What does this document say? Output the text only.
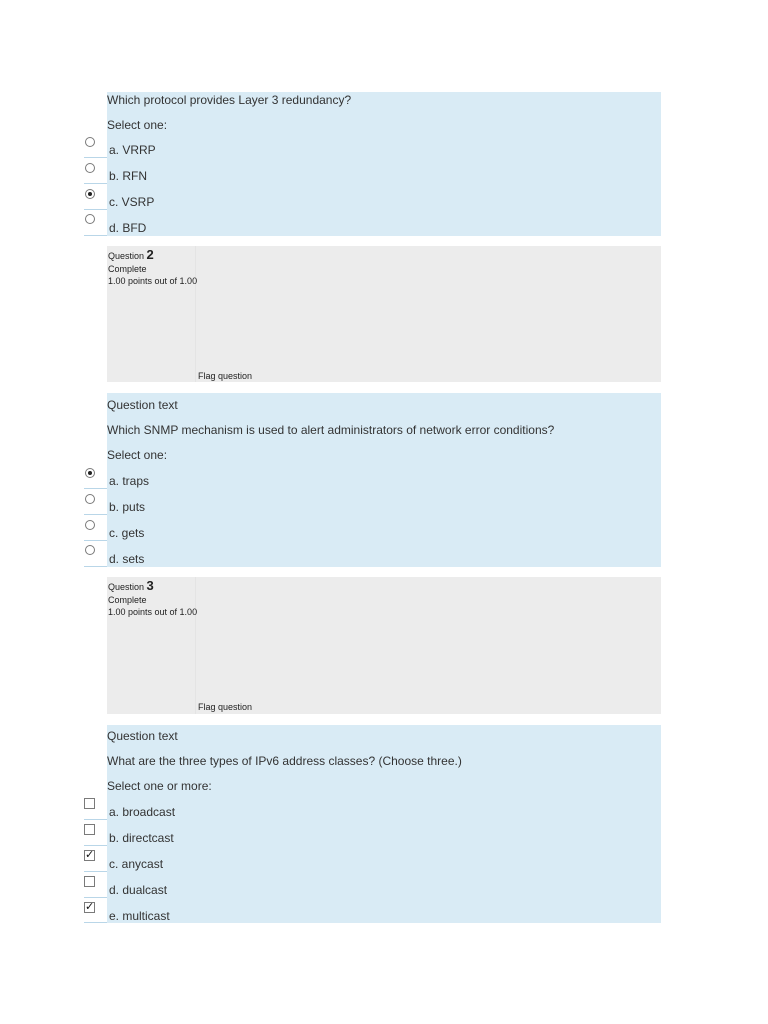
Which protocol provides Layer 3 redundancy?
Select one:
a. VRRP
b. RFN
c. VSRP
d. BFD
Question 2
Complete
1.00 points out of 1.00
Flag question
Question text
Which SNMP mechanism is used to alert administrators of network error conditions?
Select one:
a. traps
b. puts
c. gets
d. sets
Question 3
Complete
1.00 points out of 1.00
Flag question
Question text
What are the three types of IPv6 address classes? (Choose three.)
Select one or more:
a. broadcast
b. directcast
c. anycast
d. dualcast
e. multicast
✓
✓
